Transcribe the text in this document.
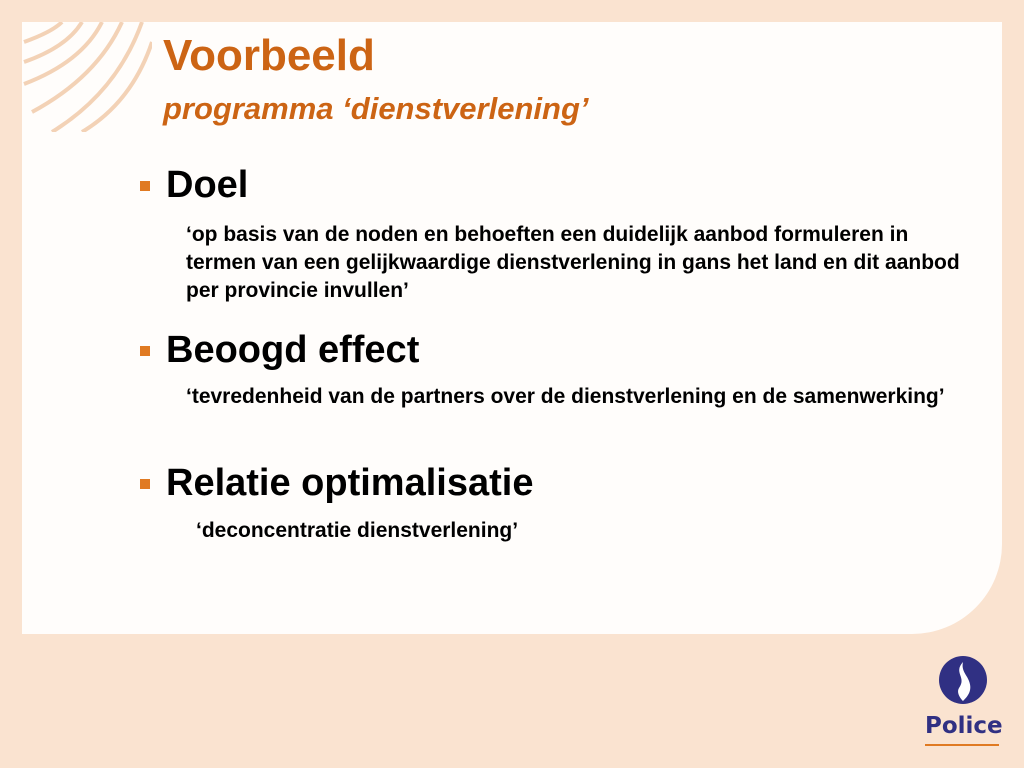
Voorbeeld
programma ‘dienstverlening’
Doel

‘op basis van de noden en behoeften een duidelijk aanbod formuleren in termen van een gelijkwaardige dienstverlening in gans het land en dit aanbod per provincie invullen’

Beoogd effect

‘tevredenheid van de partners over de dienstverlening en de samenwerking’

Relatie optimalisatie

‘deconcentratie dienstverlening’

Police
